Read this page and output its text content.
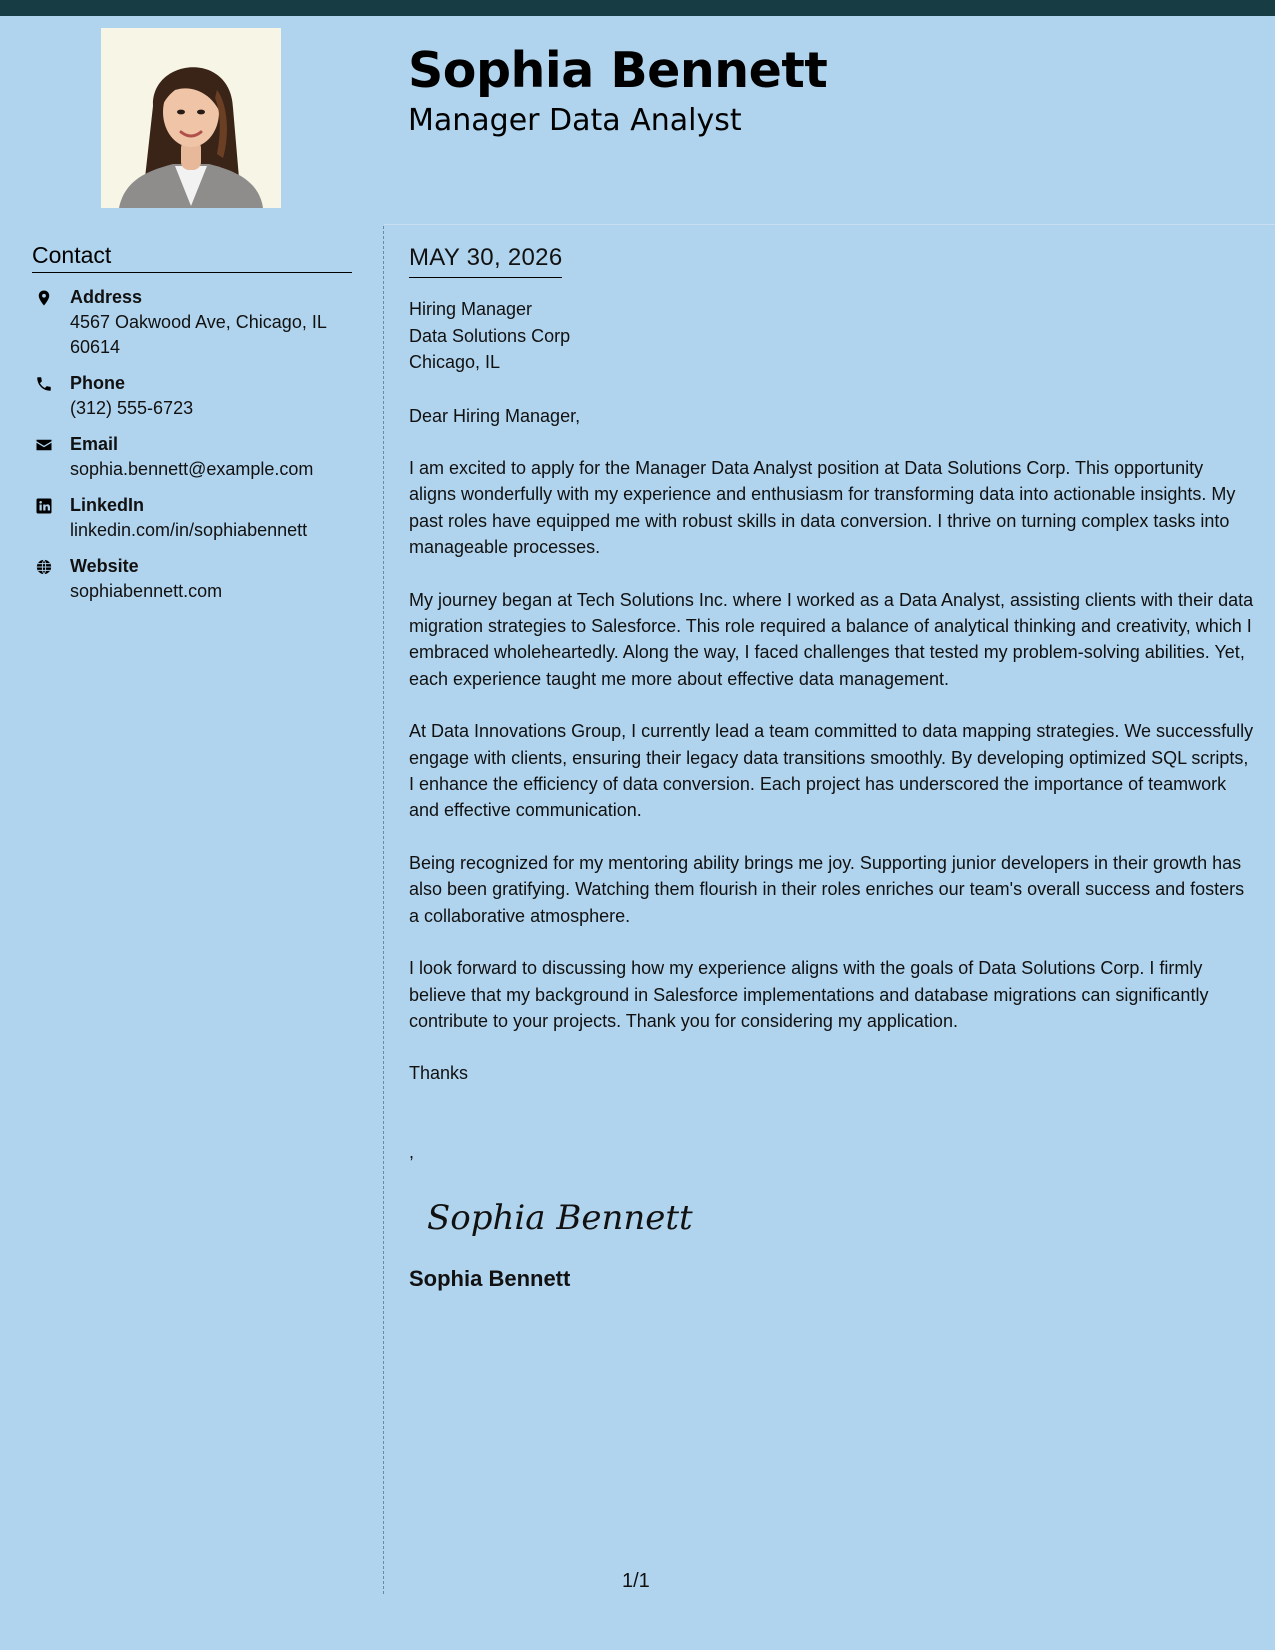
Sophia Bennett
Manager Data Analyst
Contact
Address
4567 Oakwood Ave, Chicago, IL 60614
Phone
(312) 555-6723
Email
sophia.bennett@example.com
LinkedIn
linkedin.com/in/sophiabennett
Website
sophiabennett.com
MAY 30, 2026
Hiring Manager
Data Solutions Corp
Chicago, IL

Dear Hiring Manager,

I am excited to apply for the Manager Data Analyst position at Data Solutions Corp. This opportunity aligns wonderfully with my experience and enthusiasm for transforming data into actionable insights. My past roles have equipped me with robust skills in data conversion. I thrive on turning complex tasks into manageable processes.

My journey began at Tech Solutions Inc. where I worked as a Data Analyst, assisting clients with their data migration strategies to Salesforce. This role required a balance of analytical thinking and creativity, which I embraced wholeheartedly. Along the way, I faced challenges that tested my problem-solving abilities. Yet, each experience taught me more about effective data management.

At Data Innovations Group, I currently lead a team committed to data mapping strategies. We successfully engage with clients, ensuring their legacy data transitions smoothly. By developing optimized SQL scripts, I enhance the efficiency of data conversion. Each project has underscored the importance of teamwork and effective communication.

Being recognized for my mentoring ability brings me joy. Supporting junior developers in their growth has also been gratifying. Watching them flourish in their roles enriches our team's overall success and fosters a collaborative atmosphere.

I look forward to discussing how my experience aligns with the goals of Data Solutions Corp. I firmly believe that my background in Salesforce implementations and database migrations can significantly contribute to your projects. Thank you for considering my application.

Thanks

,

Sophia Bennett
Sophia Bennett
1/1
